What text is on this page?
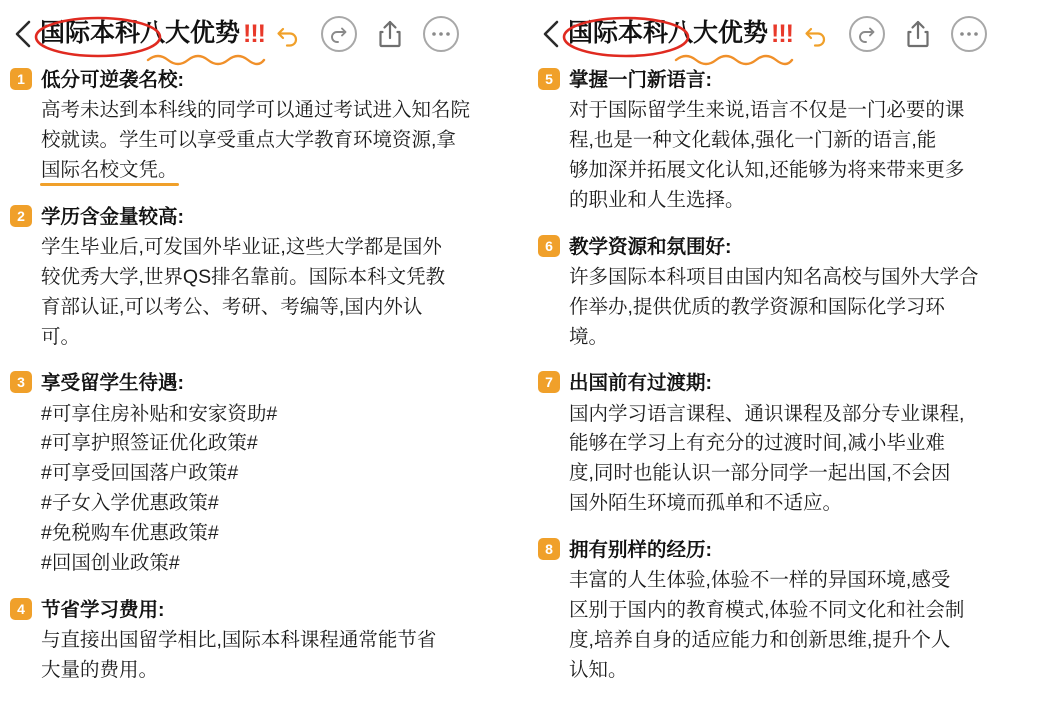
国际本科八大优势 !!!
1 低分可逆袭名校:
高考未达到本科线的同学可以通过考试进入知名院
校就读。学生可以享受重点大学教育环境资源,拿
国际名校文凭。
2 学历含金量较高:
学生毕业后,可发国外毕业证,这些大学都是国外
较优秀大学,世界QS排名靠前。国际本科文凭教
育部认证,可以考公、考研、考编等,国内外认
可。
3 享受留学生待遇:
#可享住房补贴和安家资助#
#可享护照签证优化政策#
#可享受回国落户政策#
#子女入学优惠政策#
#免税购车优惠政策#
#回国创业政策#
4 节省学习费用:
与直接出国留学相比,国际本科课程通常能节省
大量的费用。
国际本科八大优势 !!!
5 掌握一门新语言:
对于国际留学生来说,语言不仅是一门必要的课
程,也是一种文化载体,强化一门新的语言,能
够加深并拓展文化认知,还能够为将来带来更多
的职业和人生选择。
6 教学资源和氛围好:
许多国际本科项目由国内知名高校与国外大学合
作举办,提供优质的教学资源和国际化学习环
境。
7 出国前有过渡期:
国内学习语言课程、通识课程及部分专业课程,
能够在学习上有充分的过渡时间,减小毕业难
度,同时也能认识一部分同学一起出国,不会因
国外陌生环境而孤单和不适应。
8 拥有别样的经历:
丰富的人生体验,体验不一样的异国环境,感受
区别于国内的教育模式,体验不同文化和社会制
度,培养自身的适应能力和创新思维,提升个人
认知。
